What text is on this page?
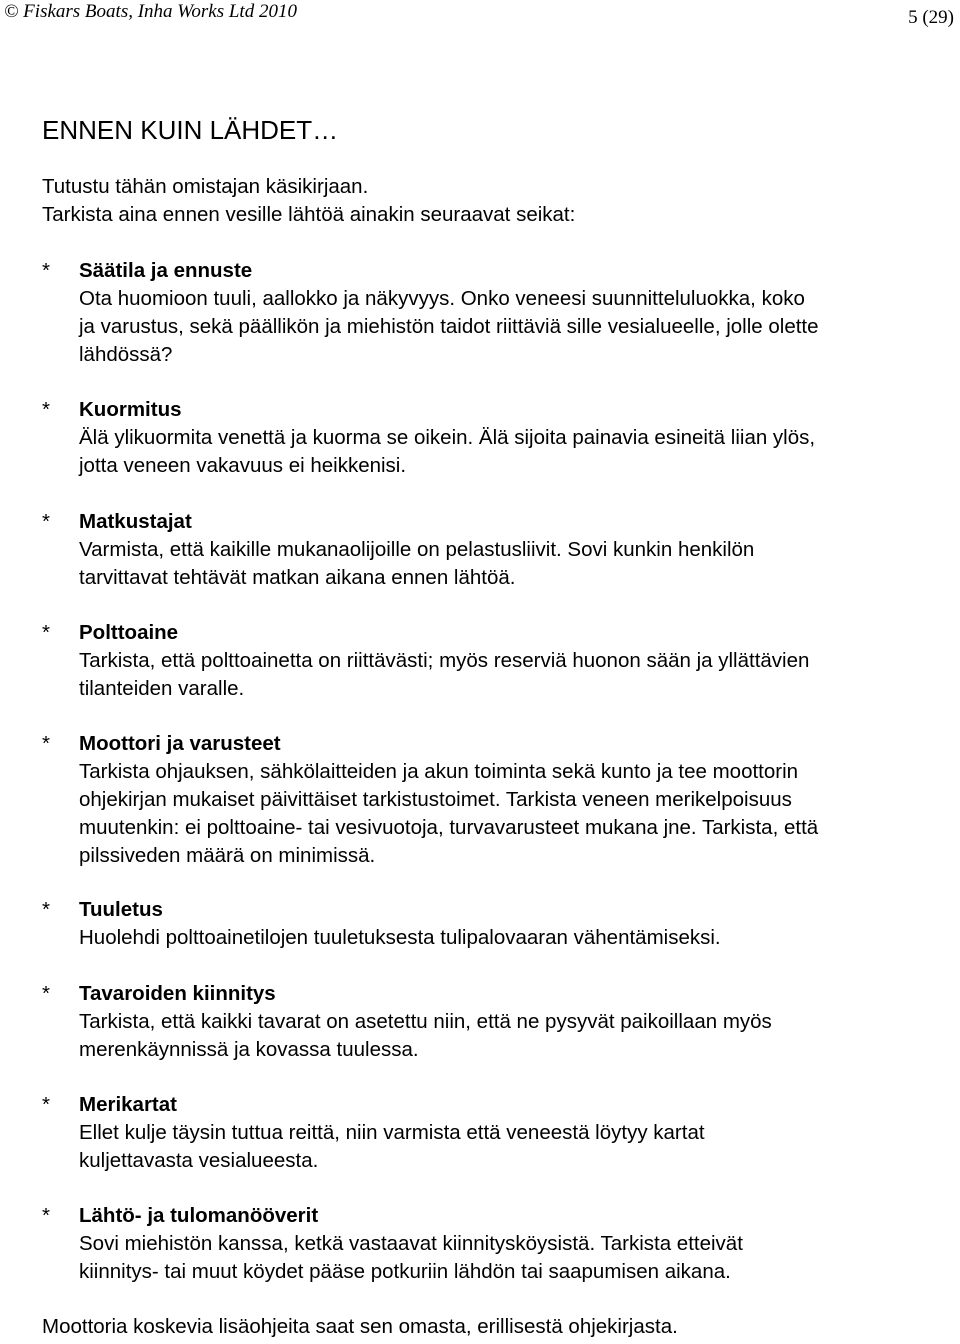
© Fiskars Boats, Inha Works Ltd 2010	5 (29)
ENNEN KUIN LÄHDET…
Tutustu tähän omistajan käsikirjaan.
Tarkista aina ennen vesille lähtöä ainakin seuraavat seikat:
* Säätila ja ennuste
Ota huomioon tuuli, aallokko ja näkyvyys. Onko veneesi suunnitteluluokka, koko
ja varustus, sekä päällikön ja miehistön taidot riittäviä sille vesialueelle, jolle olette
lähdössä?
* Kuormitus
Älä ylikuormita venettä ja kuorma se oikein. Älä sijoita painavia esineitä liian ylös,
jotta veneen vakavuus ei heikkenisi.
* Matkustajat
Varmista, että kaikille mukanaolijoille on pelastusliivit. Sovi kunkin henkilön
tarvittavat tehtävät matkan aikana ennen lähtöä.
* Polttoaine
Tarkista, että polttoainetta on riittävästi; myös reserviä huonon sään ja yllättävien
tilanteiden varalle.
* Moottori ja varusteet
Tarkista ohjauksen, sähkölaitteiden ja akun toiminta sekä kunto ja tee moottorin
ohjekirjan mukaiset päivittäiset tarkistustoimet. Tarkista veneen merikelpoisuus
muutenkin: ei polttoaine- tai vesivuotoja, turvavarusteet mukana jne. Tarkista, että
pilssiveden määrä on minimissä.
* Tuuletus
Huolehdi polttoainetilojen tuuletuksesta tulipalovaaran vähentämiseksi.
* Tavaroiden kiinnitys
Tarkista, että kaikki tavarat on asetettu niin, että ne pysyvät paikoillaan myös
merenkäynnissä ja kovassa tuulessa.
* Merikartat
Ellet kulje täysin tuttua reittä, niin varmista että veneestä löytyy kartat
kuljettavasta vesialueesta.
* Lähtö- ja tulomanööverit
Sovi miehistön kanssa, ketkä vastaavat kiinnitysköysistä. Tarkista etteivät
kiinnitys- tai muut köydet pääse potkuriin lähdön tai saapumisen aikana.
Moottoria koskevia lisäohjeita saat sen omasta, erillisestä ohjekirjasta.
